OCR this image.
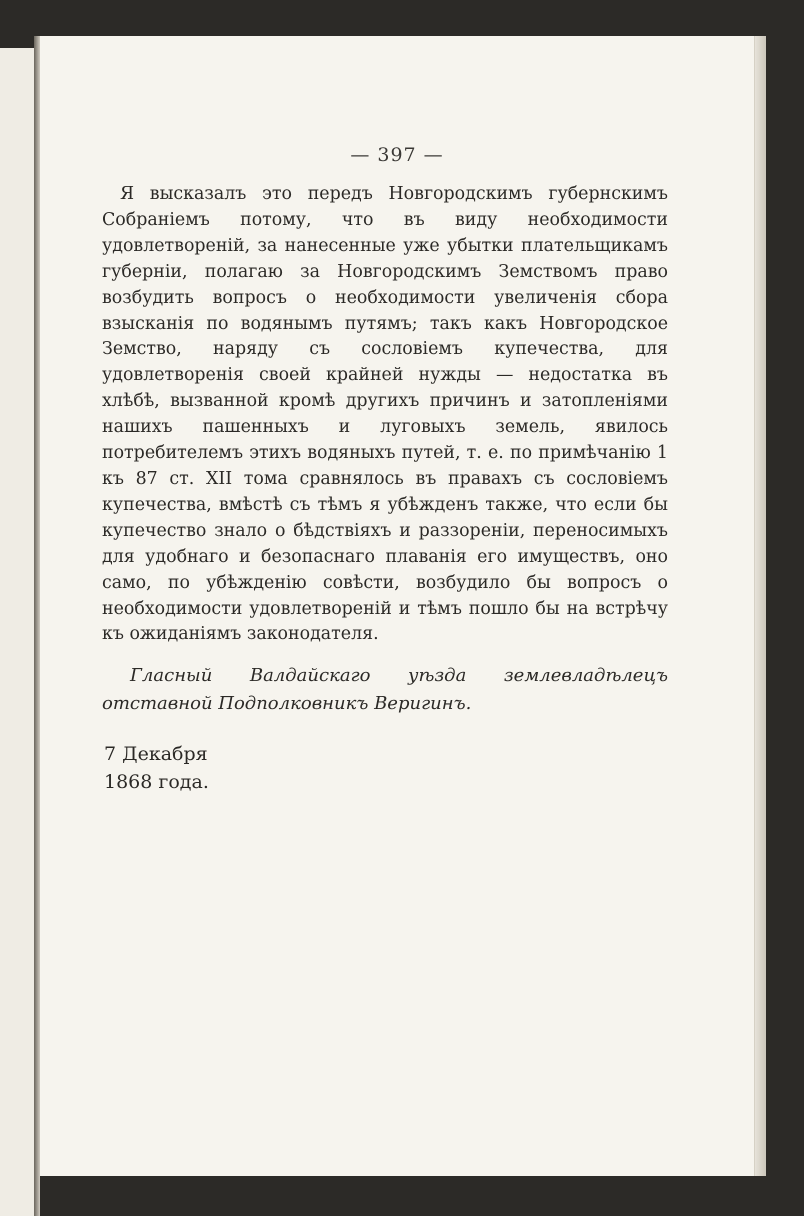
— 397 —

Я высказалъ это передъ Новгородскимъ губернскимъ Собраніемъ потому, что въ виду необходимости удовлетворенiй, за нанесенные уже убытки плательщикамъ губернiи, полагаю за Новгородскимъ Земствомъ право возбудить вопросъ о необходимости увеличенія сбора взысканiя по водянымъ путямъ; такъ какъ Новгородское Земство, наряду съ сословіемъ купечества, для удовлетворенiя своей крайней нужды — недостатка въ хлѣбѣ, вызванной кромѣ другихъ причинъ и затопленіями нашихъ пашенныхъ и луговыхъ земель, явилось потребителемъ этихъ водяныхъ путей, т. е. по примѣчанію 1 къ 87 ст. XII тома сравнялось въ правахъ съ сословіемъ купечества, вмѣстѣ съ тѣмъ я убѣжденъ также, что если бы купечество знало о бѣдствіяхъ и раззореніи, переносимыхъ для удобнаго и безопаснаго плаванія его имуществъ, оно само, по убѣжденію совѣсти, возбудило бы вопросъ о необходимости удовлетвореній и тѣмъ пошло бы на встрѣчу къ ожиданіямъ законодателя.

Гласный Валдайскаго уѣзда землевладѣлецъ отставной Подполковникъ Веригинъ.

7 Декабря
1868 года.
